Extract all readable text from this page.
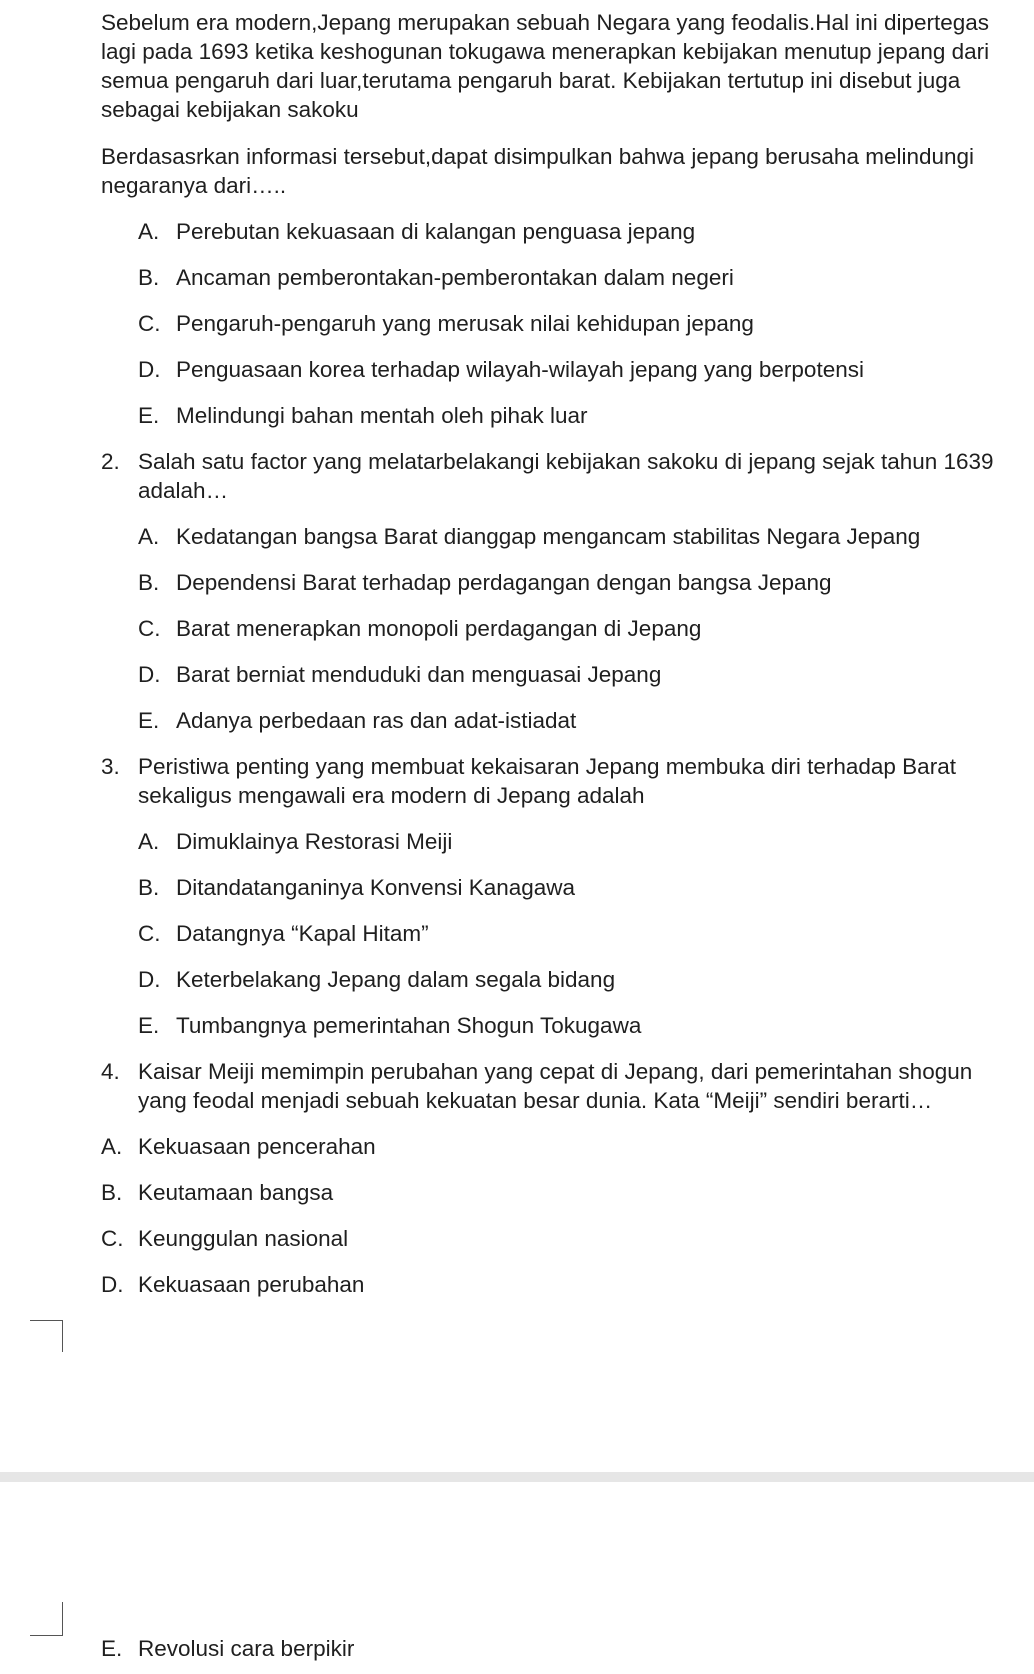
Sebelum era modern,Jepang merupakan sebuah Negara yang feodalis.Hal ini dipertegas
lagi pada 1693 ketika keshogunan tokugawa menerapkan kebijakan menutup jepang dari
semua pengaruh dari luar,terutama pengaruh barat. Kebijakan tertutup ini disebut juga
sebagai kebijakan sakoku
Berdasasrkan informasi tersebut,dapat disimpulkan bahwa jepang berusaha melindungi
negaranya dari…..
A. Perebutan kekuasaan di kalangan penguasa jepang
B. Ancaman pemberontakan-pemberontakan dalam negeri
C. Pengaruh-pengaruh yang merusak nilai kehidupan jepang
D. Penguasaan korea terhadap wilayah-wilayah jepang yang berpotensi
E. Melindungi bahan mentah oleh pihak luar
2. Salah satu factor yang melatarbelakangi kebijakan sakoku di jepang sejak tahun 1639
adalah…
A. Kedatangan bangsa Barat dianggap mengancam stabilitas Negara Jepang
B. Dependensi Barat terhadap perdagangan dengan bangsa Jepang
C. Barat menerapkan monopoli perdagangan di Jepang
D. Barat berniat menduduki dan menguasai Jepang
E. Adanya perbedaan ras dan adat-istiadat
3. Peristiwa penting yang membuat kekaisaran Jepang membuka diri terhadap Barat
sekaligus mengawali era modern di Jepang adalah
A. Dimuklainya Restorasi Meiji
B. Ditandatanganinya Konvensi Kanagawa
C. Datangnya “Kapal Hitam”
D. Keterbelakang Jepang dalam segala bidang
E. Tumbangnya pemerintahan Shogun Tokugawa
4. Kaisar Meiji memimpin perubahan yang cepat di Jepang, dari pemerintahan shogun
yang feodal menjadi sebuah kekuatan besar dunia. Kata “Meiji” sendiri berarti…
A. Kekuasaan pencerahan
B. Keutamaan bangsa
C. Keunggulan nasional
D. Kekuasaan perubahan
E. Revolusi cara berpikir
